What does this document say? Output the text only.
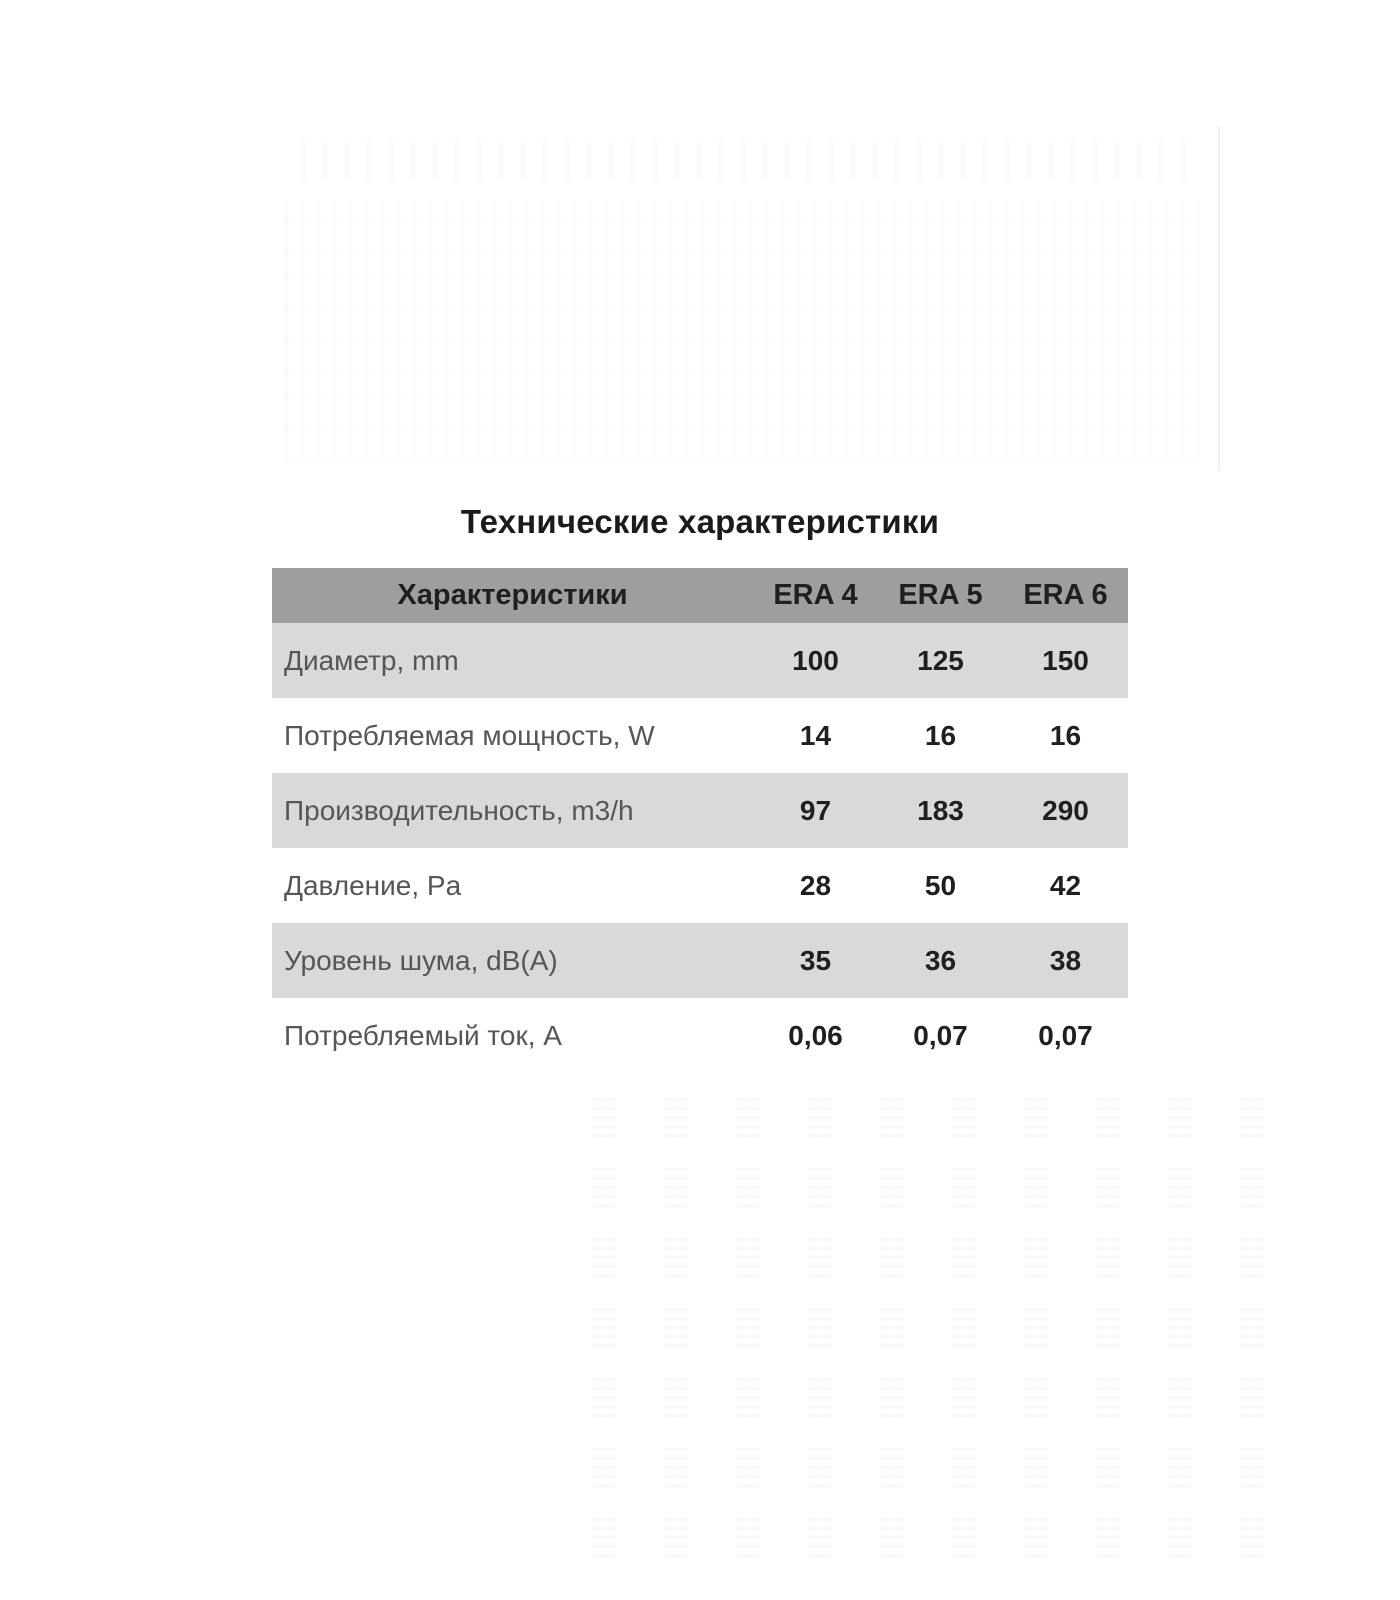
Технические характеристики
Характеристики	ERA 4	ERA 5	ERA 6
Диаметр, mm	100	125	150
Потребляемая мощность, W	14	16	16
Производительность, m3/h	97	183	290
Давление, Pa	28	50	42
Уровень шума, dB(A)	35	36	38
Потребляемый ток, A	0,06	0,07	0,07
